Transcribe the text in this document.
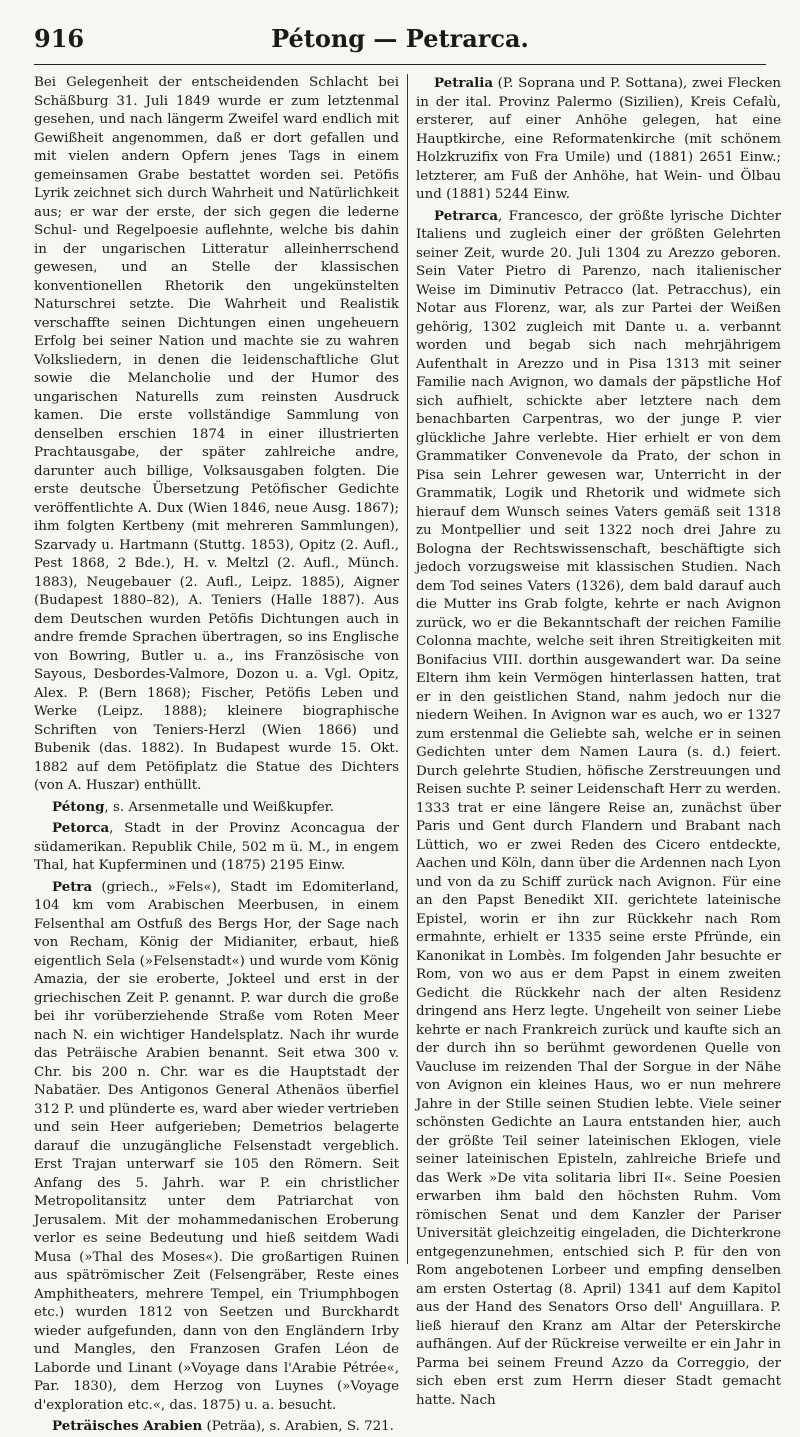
916	Pétong — Petrarca.

Bei Gelegenheit der entscheidenden Schlacht bei Schäßburg 31. Juli 1849 wurde er zum letztenmal gesehen, und nach längerm Zweifel ward endlich mit Gewißheit angenommen, daß er dort gefallen und mit vielen andern Opfern jenes Tags in einem gemeinsamen Grabe bestattet worden sei. Petöfis Lyrik zeichnet sich durch Wahrheit und Natürlichkeit aus; er war der erste, der sich gegen die lederne Schul- und Regelpoesie auflehnte, welche bis dahin in der ungarischen Litteratur alleinherrschend gewesen, und an Stelle der klassischen konventionellen Rhetorik den ungekünstelten Naturschrei setzte. Die Wahrheit und Realistik verschaffte seinen Dichtungen einen ungeheuern Erfolg bei seiner Nation und machte sie zu wahren Volksliedern, in denen die leidenschaftliche Glut sowie die Melancholie und der Humor des ungarischen Naturells zum reinsten Ausdruck kamen. Die erste vollständige Sammlung von denselben erschien 1874 in einer illustrierten Prachtausgabe, der später zahlreiche andre, darunter auch billige, Volksausgaben folgten. Die erste deutsche Übersetzung Petöfischer Gedichte veröffentlichte A. Dux (Wien 1846, neue Ausg. 1867); ihm folgten Kertbeny (mit mehreren Sammlungen), Szarvady u. Hartmann (Stuttg. 1853), Opitz (2. Aufl., Pest 1868, 2 Bde.), H. v. Meltzl (2. Aufl., Münch. 1883), Neugebauer (2. Aufl., Leipz. 1885), Aigner (Budapest 1880–82), A. Teniers (Halle 1887). Aus dem Deutschen wurden Petöfis Dichtungen auch in andre fremde Sprachen übertragen, so ins Englische von Bowring, Butler u. a., ins Französische von Sayous, Desbordes-Valmore, Dozon u. a. Vgl. Opitz, Alex. P. (Bern 1868); Fischer, Petöfis Leben und Werke (Leipz. 1888); kleinere biographische Schriften von Teniers-Herzl (Wien 1866) und Bubenik (das. 1882). In Budapest wurde 15. Okt. 1882 auf dem Petöfiplatz die Statue des Dichters (von A. Huszar) enthüllt.

Pétong, s. Arsenmetalle und Weißkupfer.

Petorca, Stadt in der Provinz Aconcagua der südamerikan. Republik Chile, 502 m ü. M., in engem Thal, hat Kupferminen und (1875) 2195 Einw.

Petra (griech., »Fels«), Stadt im Edomiterland, 104 km vom Arabischen Meerbusen, in einem Felsenthal am Ostfuß des Bergs Hor, der Sage nach von Recham, König der Midianiter, erbaut, hieß eigentlich Sela (»Felsenstadt«) und wurde vom König Amazia, der sie eroberte, Jokteel und erst in der griechischen Zeit P. genannt. P. war durch die große bei ihr vorüberziehende Straße vom Roten Meer nach N. ein wichtiger Handelsplatz. Nach ihr wurde das Peträische Arabien benannt. Seit etwa 300 v. Chr. bis 200 n. Chr. war es die Hauptstadt der Nabatäer. Des Antigonos General Athenäos überfiel 312 P. und plünderte es, ward aber wieder vertrieben und sein Heer aufgerieben; Demetrios belagerte darauf die unzugängliche Felsenstadt vergeblich. Erst Trajan unterwarf sie 105 den Römern. Seit Anfang des 5. Jahrh. war P. ein christlicher Metropolitansitz unter dem Patriarchat von Jerusalem. Mit der mohammedanischen Eroberung verlor es seine Bedeutung und hieß seitdem Wadi Musa (»Thal des Moses«). Die großartigen Ruinen aus spätrömischer Zeit (Felsengräber, Reste eines Amphitheaters, mehrere Tempel, ein Triumphbogen etc.) wurden 1812 von Seetzen und Burckhardt wieder aufgefunden, dann von den Engländern Irby und Mangles, den Franzosen Grafen Léon de Laborde und Linant (»Voyage dans l'Arabie Pétrée«, Par. 1830), dem Herzog von Luynes (»Voyage d'exploration etc.«, das. 1875) u. a. besucht.

Peträisches Arabien (Peträa), s. Arabien, S. 721.

Petralia (P. Soprana und P. Sottana), zwei Flecken in der ital. Provinz Palermo (Sizilien), Kreis Cefalù, ersterer, auf einer Anhöhe gelegen, hat eine Hauptkirche, eine Reformatenkirche (mit schönem Holzkruzifix von Fra Umile) und (1881) 2651 Einw.; letzterer, am Fuß der Anhöhe, hat Wein- und Ölbau und (1881) 5244 Einw.

Petrarca, Francesco, der größte lyrische Dichter Italiens und zugleich einer der größten Gelehrten seiner Zeit, wurde 20. Juli 1304 zu Arezzo geboren. Sein Vater Pietro di Parenzo, nach italienischer Weise im Diminutiv Petracco (lat. Petracchus), ein Notar aus Florenz, war, als zur Partei der Weißen gehörig, 1302 zugleich mit Dante u. a. verbannt worden und begab sich nach mehrjährigem Aufenthalt in Arezzo und in Pisa 1313 mit seiner Familie nach Avignon, wo damals der päpstliche Hof sich aufhielt, schickte aber letztere nach dem benachbarten Carpentras, wo der junge P. vier glückliche Jahre verlebte. Hier erhielt er von dem Grammatiker Convenevole da Prato, der schon in Pisa sein Lehrer gewesen war, Unterricht in der Grammatik, Logik und Rhetorik und widmete sich hierauf dem Wunsch seines Vaters gemäß seit 1318 zu Montpellier und seit 1322 noch drei Jahre zu Bologna der Rechtswissenschaft, beschäftigte sich jedoch vorzugsweise mit klassischen Studien. Nach dem Tod seines Vaters (1326), dem bald darauf auch die Mutter ins Grab folgte, kehrte er nach Avignon zurück, wo er die Bekanntschaft der reichen Familie Colonna machte, welche seit ihren Streitigkeiten mit Bonifacius VIII. dorthin ausgewandert war. Da seine Eltern ihm kein Vermögen hinterlassen hatten, trat er in den geistlichen Stand, nahm jedoch nur die niedern Weihen. In Avignon war es auch, wo er 1327 zum erstenmal die Geliebte sah, welche er in seinen Gedichten unter dem Namen Laura (s. d.) feiert. Durch gelehrte Studien, höfische Zerstreuungen und Reisen suchte P. seiner Leidenschaft Herr zu werden. 1333 trat er eine längere Reise an, zunächst über Paris und Gent durch Flandern und Brabant nach Lüttich, wo er zwei Reden des Cicero entdeckte, Aachen und Köln, dann über die Ardennen nach Lyon und von da zu Schiff zurück nach Avignon. Für eine an den Papst Benedikt XII. gerichtete lateinische Epistel, worin er ihn zur Rückkehr nach Rom ermahnte, erhielt er 1335 seine erste Pfründe, ein Kanonikat in Lombès. Im folgenden Jahr besuchte er Rom, von wo aus er dem Papst in einem zweiten Gedicht die Rückkehr nach der alten Residenz dringend ans Herz legte. Ungeheilt von seiner Liebe kehrte er nach Frankreich zurück und kaufte sich an der durch ihn so berühmt gewordenen Quelle von Vaucluse im reizenden Thal der Sorgue in der Nähe von Avignon ein kleines Haus, wo er nun mehrere Jahre in der Stille seinen Studien lebte. Viele seiner schönsten Gedichte an Laura entstanden hier, auch der größte Teil seiner lateinischen Eklogen, viele seiner lateinischen Episteln, zahlreiche Briefe und das Werk »De vita solitaria libri II«. Seine Poesien erwarben ihm bald den höchsten Ruhm. Vom römischen Senat und dem Kanzler der Pariser Universität gleichzeitig eingeladen, die Dichterkrone entgegenzunehmen, entschied sich P. für den von Rom angebotenen Lorbeer und empfing denselben am ersten Ostertag (8. April) 1341 auf dem Kapitol aus der Hand des Senators Orso dell' Anguillara. P. ließ hierauf den Kranz am Altar der Peterskirche aufhängen. Auf der Rückreise verweilte er ein Jahr in Parma bei seinem Freund Azzo da Correggio, der sich eben erst zum Herrn dieser Stadt gemacht hatte. Nach
